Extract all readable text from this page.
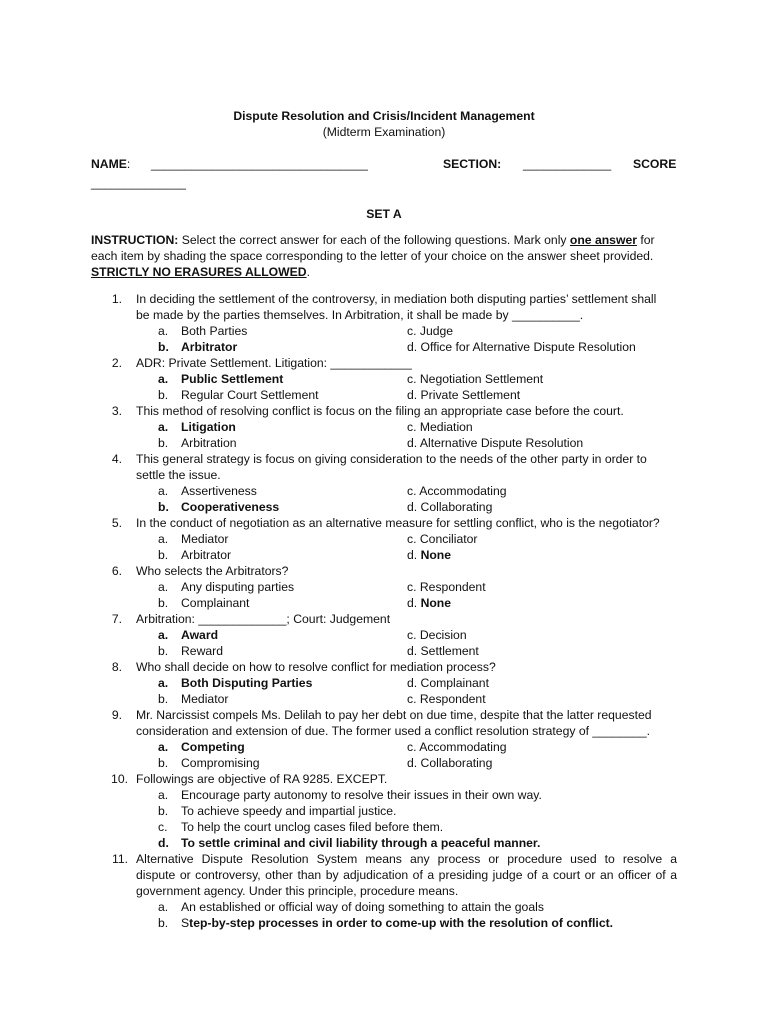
Dispute Resolution and Crisis/Incident Management
(Midterm Examination)
NAME: ________________________________	SECTION: _____________ SCORE
______________
SET A
INSTRUCTION: Select the correct answer for each of the following questions. Mark only one answer for
each item by shading the space corresponding to the letter of your choice on the answer sheet provided.
STRICTLY NO ERASURES ALLOWED.
1. In deciding the settlement of the controversy, in mediation both disputing parties’ settlement shall
be made by the parties themselves. In Arbitration, it shall be made by __________.
a. Both Parties	c. Judge
b. Arbitrator	d. Office for Alternative Dispute Resolution
2. ADR: Private Settlement. Litigation: ____________
a. Public Settlement	c. Negotiation Settlement
b. Regular Court Settlement	d. Private Settlement
3. This method of resolving conflict is focus on the filing an appropriate case before the court.
a. Litigation	c. Mediation
b. Arbitration	d. Alternative Dispute Resolution
4. This general strategy is focus on giving consideration to the needs of the other party in order to
settle the issue.
a. Assertiveness	c. Accommodating
b. Cooperativeness	d. Collaborating
5. In the conduct of negotiation as an alternative measure for settling conflict, who is the negotiator?
a. Mediator	c. Conciliator
b. Arbitrator	d. None
6. Who selects the Arbitrators?
a. Any disputing parties	c. Respondent
b. Complainant	d. None
7. Arbitration: _____________; Court: Judgement
a. Award	c. Decision
b. Reward	d. Settlement
8. Who shall decide on how to resolve conflict for mediation process?
a. Both Disputing Parties	d. Complainant
b. Mediator	c. Respondent
9. Mr. Narcissist compels Ms. Delilah to pay her debt on due time, despite that the latter requested
consideration and extension of due. The former used a conflict resolution strategy of ________.
a. Competing	c. Accommodating
b. Compromising	d. Collaborating
10. Followings are objective of RA 9285. EXCEPT.
a. Encourage party autonomy to resolve their issues in their own way.
b. To achieve speedy and impartial justice.
c. To help the court unclog cases filed before them.
d. To settle criminal and civil liability through a peaceful manner.
11. Alternative Dispute Resolution System means any process or procedure used to resolve a
dispute or controversy, other than by adjudication of a presiding judge of a court or an officer of a
government agency. Under this principle, procedure means.
a. An established or official way of doing something to attain the goals
b. Step-by-step processes in order to come-up with the resolution of conflict.
